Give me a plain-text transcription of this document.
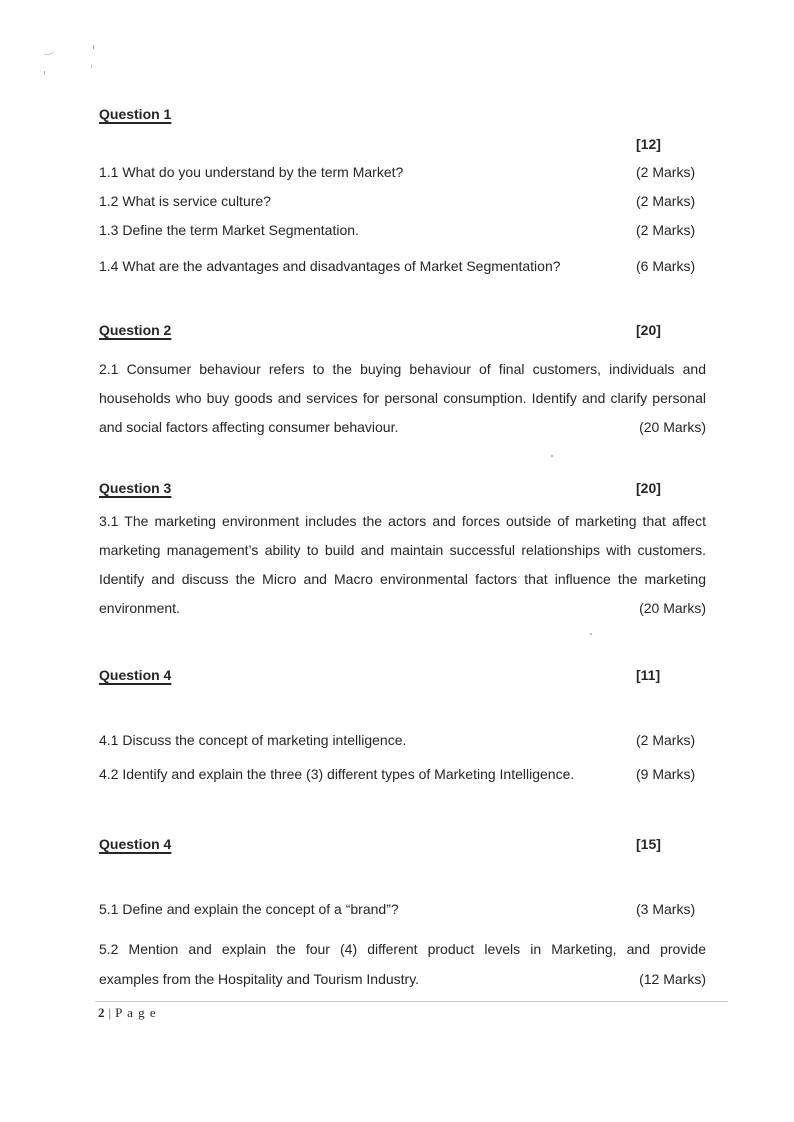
Question 1
[12]
1.1 What do you understand by the term Market?	(2 Marks)
1.2 What is service culture?	(2 Marks)
1.3 Define the term Market Segmentation.	(2 Marks)
1.4 What are the advantages and disadvantages of Market Segmentation?	(6 Marks)
Question 2	[20]
2.1 Consumer behaviour refers to the buying behaviour of final customers, individuals and
households who buy goods and services for personal consumption. Identify and clarify personal
and social factors affecting consumer behaviour.	(20 Marks)
Question 3	[20]
3.1 The marketing environment includes the actors and forces outside of marketing that affect
marketing management’s ability to build and maintain successful relationships with customers.
Identify and discuss the Micro and Macro environmental factors that influence the marketing
environment.	(20 Marks)
Question 4	[11]
4.1 Discuss the concept of marketing intelligence.	(2 Marks)
4.2 Identify and explain the three (3) different types of Marketing Intelligence.	(9 Marks)
Question 4	[15]
5.1 Define and explain the concept of a “brand”?	(3 Marks)
5.2 Mention and explain the four (4) different product levels in Marketing, and provide
examples from the Hospitality and Tourism Industry.	(12 Marks)
2 | P a g e
